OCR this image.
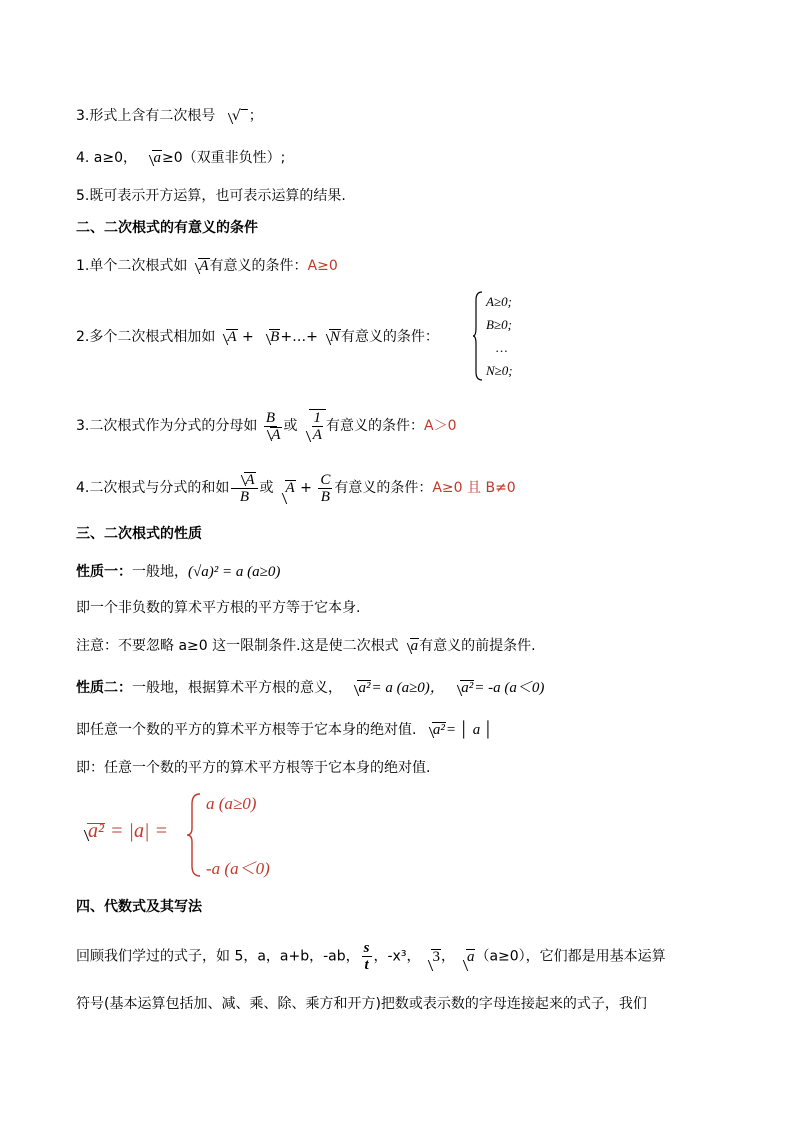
3.形式上含有二次根号 √‾；
4. a≥0， a≥0（双重非负性）;
5.既可表示开方运算，也可表示运算的结果.
二、二次根式的有意义的条件
1.单个二次根式如 A有意义的条件：A≥0
2.多个二次根式相加如 A + B+…+ N有意义的条件：
A≥0;
B≥0;
…
N≥0;
3.二次根式作为分式的分母如 $\frac{B}{A}$ 或 $\frac{1}{A}$ 有意义的条件：A＞0
4.二次根式与分式的和如 $\frac{A}{B}$ 或 $A + \frac{C}{B}$ 有意义的条件：A≥0 且 B≠0
三、二次根式的性质
性质一：一般地，(√a)² = a (a≥0)
即一个非负数的算术平方根的平方等于它本身.
注意：不要忽略 a≥0 这一限制条件.这是使二次根式 a有意义的前提条件.
性质二：一般地，根据算术平方根的意义， a²= a (a≥0)， a²= -a (a＜0)
即任意一个数的平方的算术平方根等于它本身的绝对值. a²= │ a │
即：任意一个数的平方的算术平方根等于它本身的绝对值.
a² = |a| =
a (a≥0)
-a (a＜0)
四、代数式及其写法
回顾我们学过的式子，如 5，a，a+b，-ab， $\frac{s}{t}$ ，-x³， 3， a（a≥0），它们都是用基本运算
符号(基本运算包括加、减、乘、除、乘方和开方)把数或表示数的字母连接起来的式子，我们
